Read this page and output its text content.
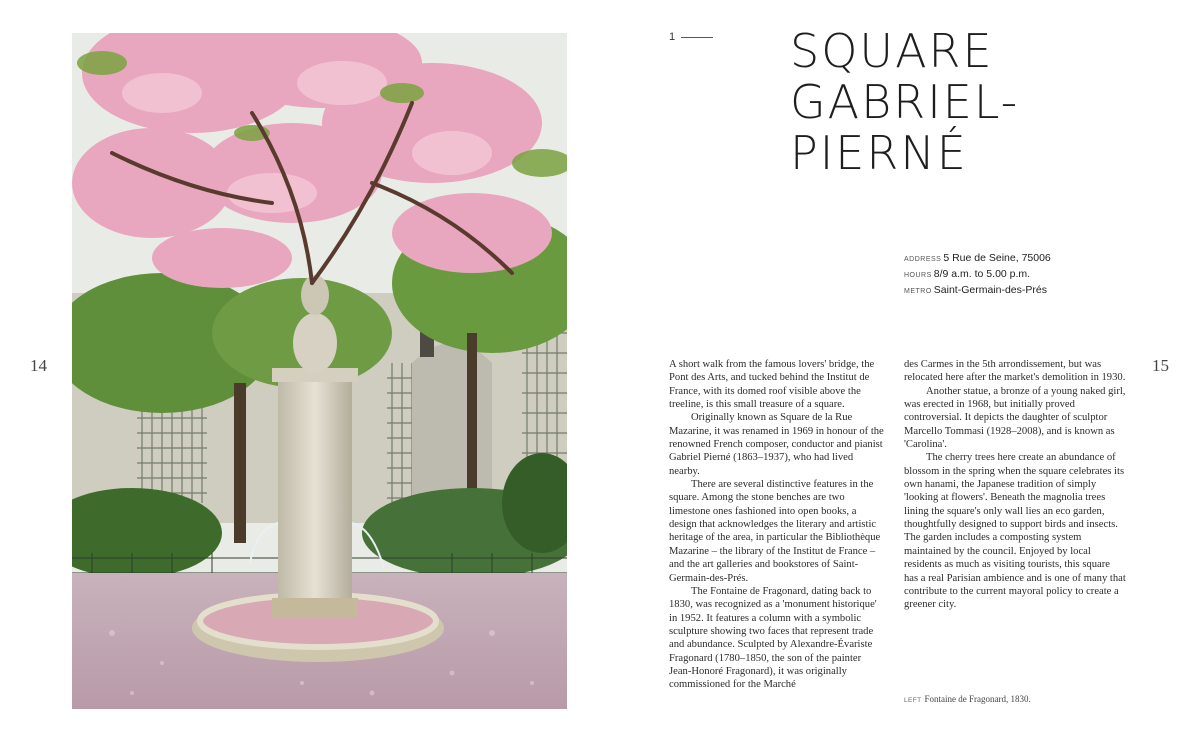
14	15
1 SQUARE
GABRIEL-
PIERNÉ
ADDRESS 5 Rue de Seine, 75006
HOURS 8/9 a.m. to 5.00 p.m.
METRO Saint-Germain-des-Prés

A short walk from the famous lovers' bridge, the Pont des Arts, and tucked behind the Institut de France, with its domed roof visible above the treeline, is this small treasure of a square.

Originally known as Square de la Rue Mazarine, it was renamed in 1969 in honour of the renowned French composer, conductor and pianist Gabriel Pierné (1863–1937), who had lived nearby.

There are several distinctive features in the square. Among the stone benches are two limestone ones fashioned into open books, a design that acknowledges the literary and artistic heritage of the area, in particular the Bibliothèque Mazarine – the library of the Institut de France – and the art galleries and bookstores of Saint-Germain-des-Prés.

The Fontaine de Fragonard, dating back to 1830, was recognized as a 'monument historique' in 1952. It features a column with a symbolic sculpture showing two faces that represent trade and abundance. Sculpted by Alexandre-Évariste Fragonard (1780–1850, the son of the painter Jean-Honoré Fragonard), it was originally commissioned for the Marché

des Carmes in the 5th arrondissement, but was relocated here after the market's demolition in 1930.

Another statue, a bronze of a young naked girl, was erected in 1968, but initially proved controversial. It depicts the daughter of sculptor Marcello Tommasi (1928–2008), and is known as 'Carolina'.

The cherry trees here create an abundance of blossom in the spring when the square celebrates its own hanami, the Japanese tradition of simply 'looking at flowers'. Beneath the magnolia trees lining the square's only wall lies an eco garden, thoughtfully designed to support birds and insects. The garden includes a composting system maintained by the council. Enjoyed by local residents as much as visiting tourists, this square has a real Parisian ambience and is one of many that contribute to the current mayoral policy to create a greener city.

LEFT Fontaine de Fragonard, 1830.
